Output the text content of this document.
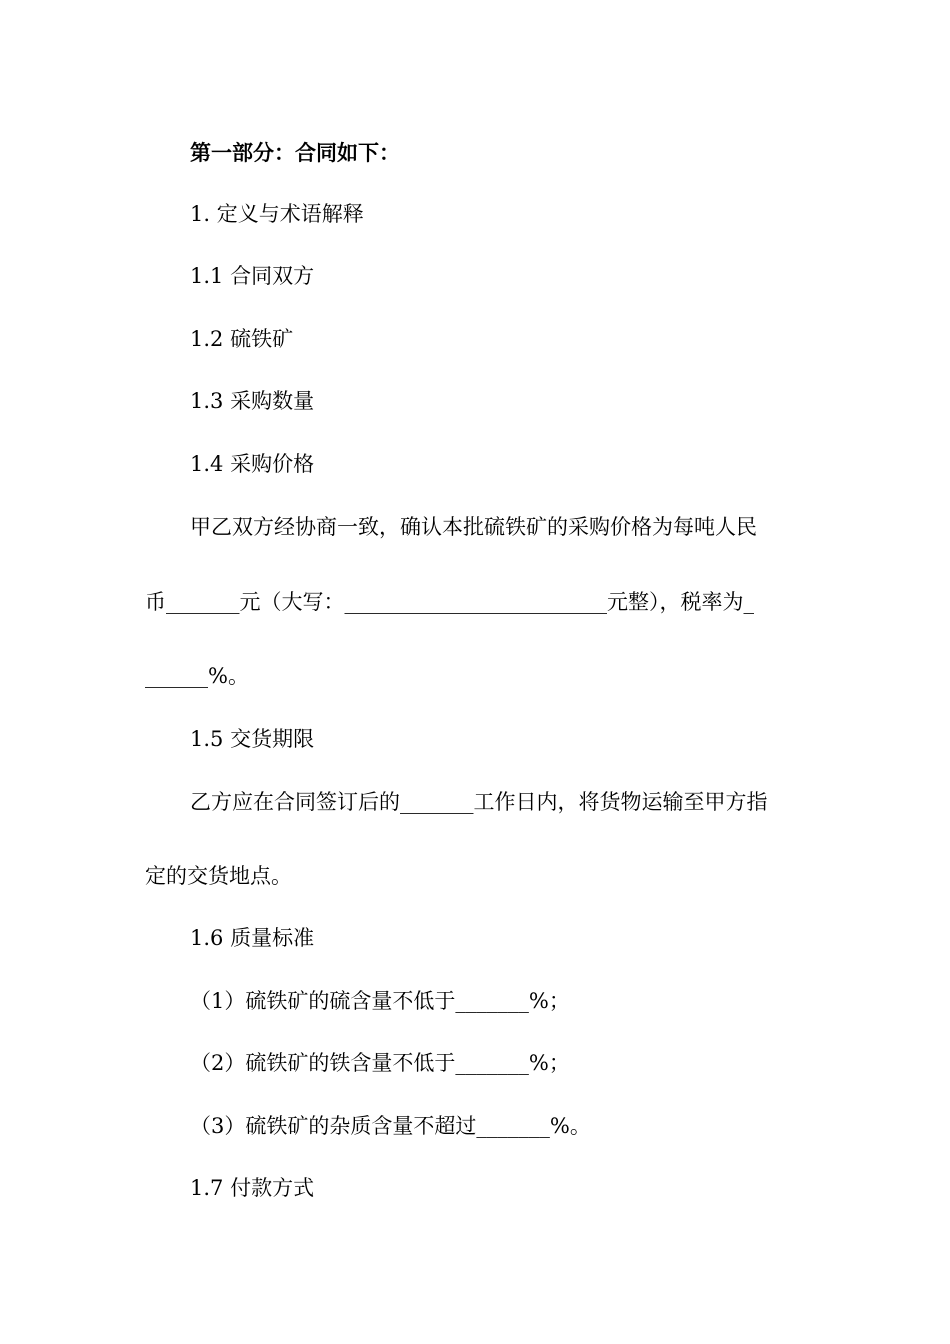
第一部分：合同如下：

1. 定义与术语解释

1.1 合同双方

1.2 硫铁矿

1.3 采购数量

1.4 采购价格

甲乙双方经协商一致，确认本批硫铁矿的采购价格为每吨人民

币_______元（大写：_________________________元整），税率为_

______%。

1.5 交货期限

乙方应在合同签订后的_______工作日内，将货物运输至甲方指

定的交货地点。

1.6 质量标准

（1）硫铁矿的硫含量不低于_______%；

（2）硫铁矿的铁含量不低于_______%；

（3）硫铁矿的杂质含量不超过_______%。

1.7 付款方式
